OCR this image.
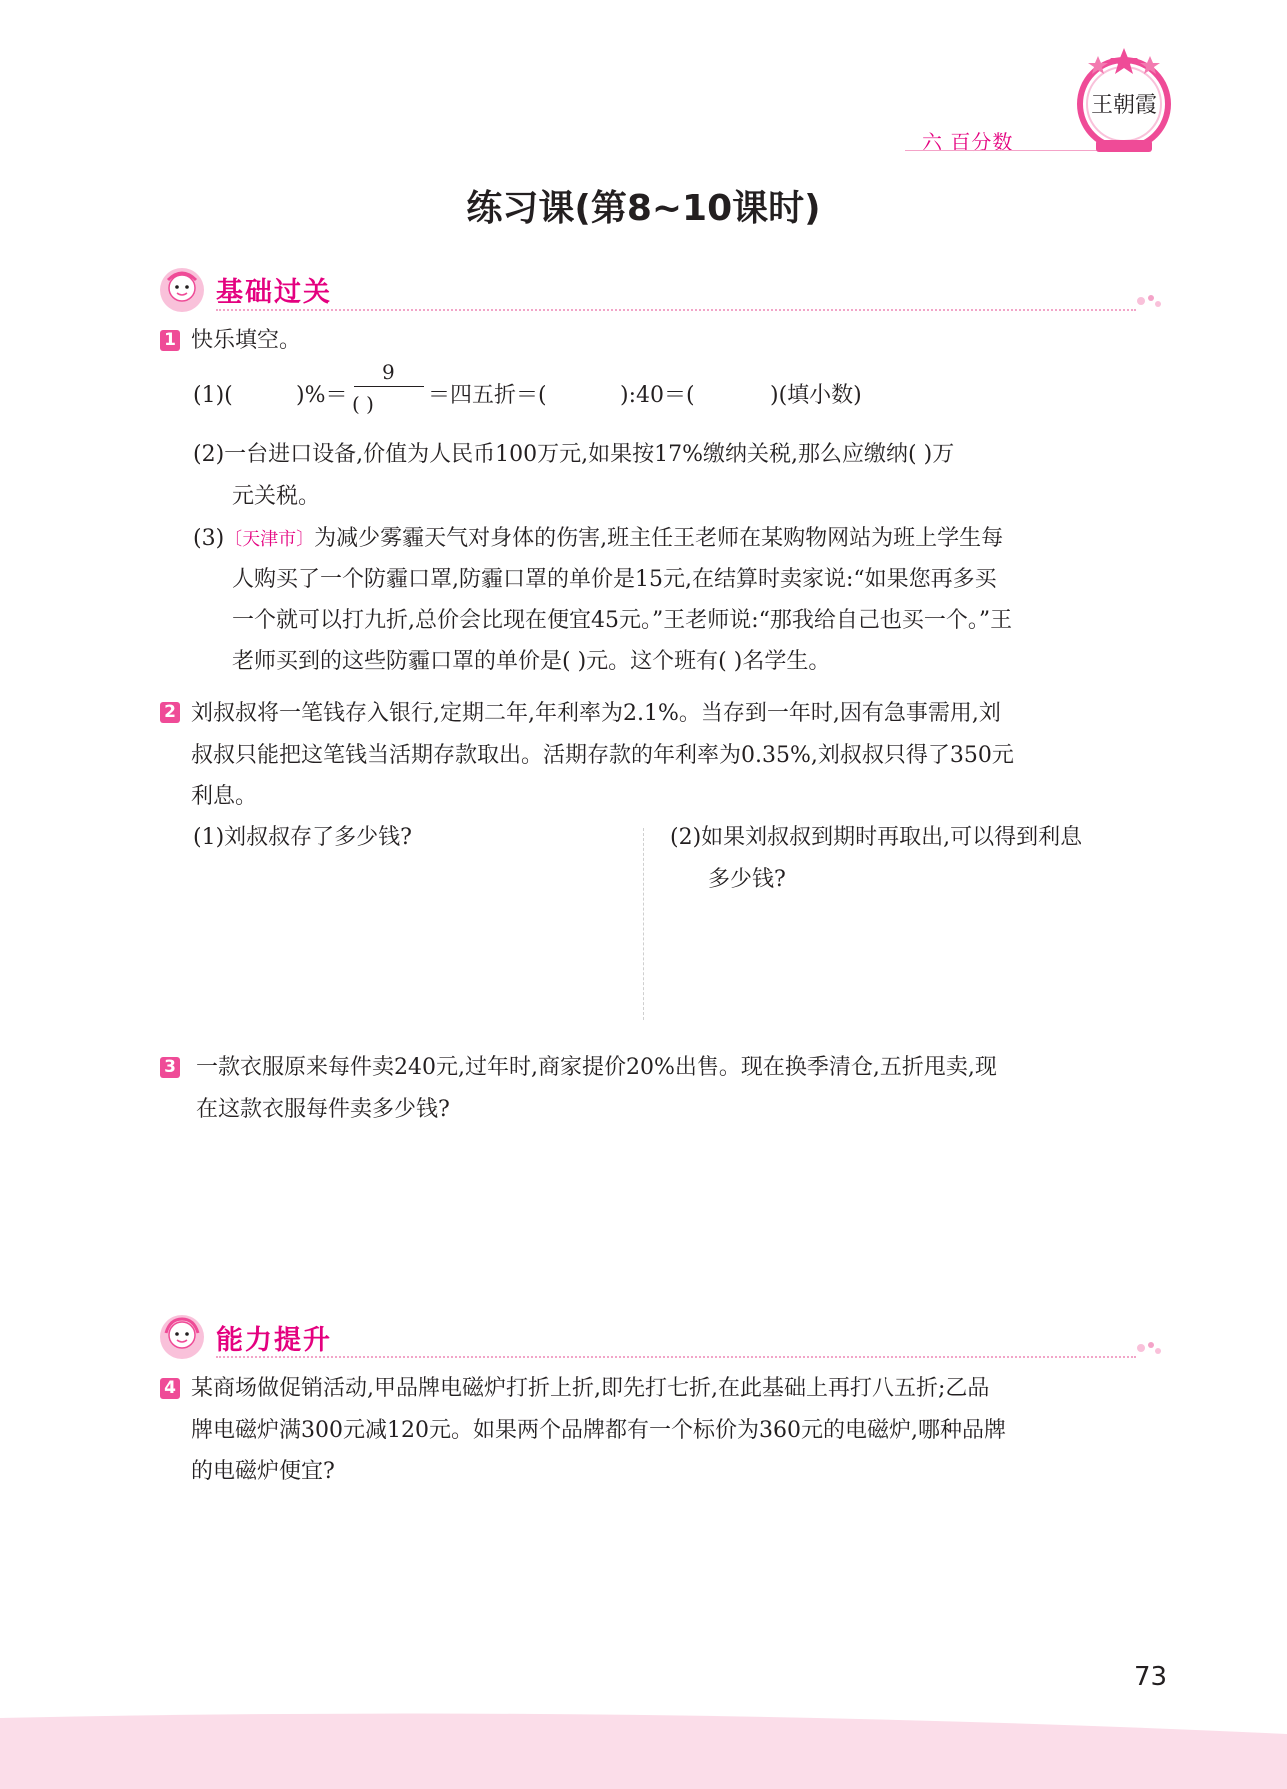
六 百分数
王朝霞
练习课(第8~10课时)
基础过关
1 快乐填空。
(1)(	)%＝
9
( ) ＝四五折＝(	):40＝(	)(填小数)
(2)一台进口设备,价值为人民币100万元,如果按17%缴纳关税,那么应缴纳( )万
元关税。
(3)〔天津市〕为减少雾霾天气对身体的伤害,班主任王老师在某购物网站为班上学生每
人购买了一个防霾口罩,防霾口罩的单价是15元,在结算时卖家说:“如果您再多买
一个就可以打九折,总价会比现在便宜45元。”王老师说:“那我给自己也买一个。”王
老师买到的这些防霾口罩的单价是( )元。这个班有( )名学生。
2 刘叔叔将一笔钱存入银行,定期二年,年利率为2.1%。当存到一年时,因有急事需用,刘
叔叔只能把这笔钱当活期存款取出。活期存款的年利率为0.35%,刘叔叔只得了350元
利息。
(1)刘叔叔存了多少钱?	(2)如果刘叔叔到期时再取出,可以得到利息
多少钱?
3 一款衣服原来每件卖240元,过年时,商家提价20%出售。现在换季清仓,五折甩卖,现
在这款衣服每件卖多少钱?
能力提升
4 某商场做促销活动,甲品牌电磁炉打折上折,即先打七折,在此基础上再打八五折;乙品
牌电磁炉满300元减120元。如果两个品牌都有一个标价为360元的电磁炉,哪种品牌
的电磁炉便宜?
73
